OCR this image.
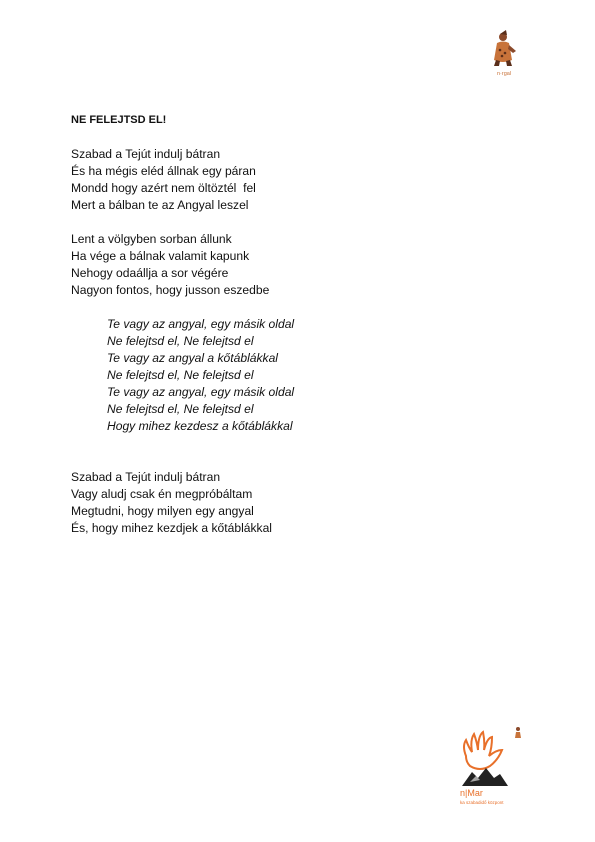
n·rgal
NE FELEJTSD EL!
Szabad a Tejút indulj bátran
És ha mégis eléd állnak egy páran
Mondd hogy azért nem öltöztél  fel
Mert a bálban te az Angyal leszel
Lent a völgyben sorban állunk
Ha vége a bálnak valamit kapunk
Nehogy odaállja a sor végére
Nagyon fontos, hogy jusson eszedbe
Te vagy az angyal, egy másik oldal
Ne felejtsd el, Ne felejtsd el
Te vagy az angyal a kőtáblákkal
Ne felejtsd el, Ne felejtsd el
Te vagy az angyal, egy másik oldal
Ne felejtsd el, Ne felejtsd el
Hogy mihez kezdesz a kőtáblákkal
Szabad a Tejút indulj bátran
Vagy aludj csak én megpróbáltam
Megtudni, hogy milyen egy angyal
És, hogy mihez kezdjek a kőtáblákkal
n|Mar
ka szabadidő központ
